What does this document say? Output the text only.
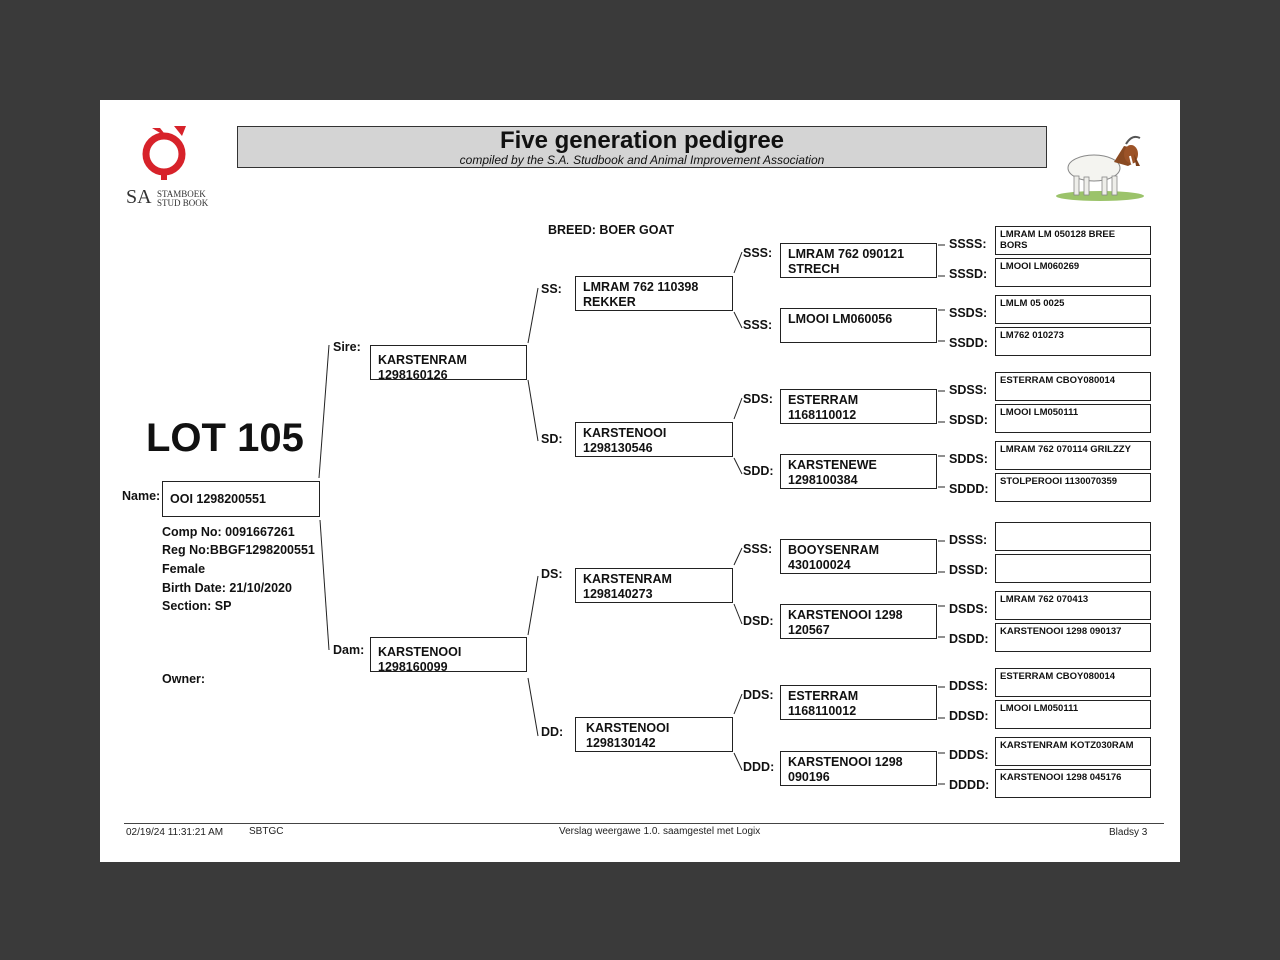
SA STAMBOEK
STUD BOOK
Five generation pedigree
compiled by the S.A. Studbook and Animal Improvement Association
BREED: BOER GOAT
LOT 105
Name: OOI 1298200551
Comp No: 0091667261
Reg No:BBGF1298200551
Female
Birth Date: 21/10/2020
Section: SP
Owner:
Sire:
KARSTENRAM
1298160126
Dam: KARSTENOOI
1298160099
SS: LMRAM 762 110398
REKKER
SD: KARSTENOOI
1298130546
DS: KARSTENRAM
1298140273
DD: KARSTENOOI
1298130142
SSS: LMRAM 762 090121
STRECH
SSS: LMOOI LM060056
SDS: ESTERRAM
1168110012
SDD: KARSTENEWE
1298100384
SSS: BOOYSENRAM
430100024
DSD: KARSTENOOI 1298
120567
DDS: ESTERRAM
1168110012
DDD: KARSTENOOI 1298
090196
SSSS:
LMRAM LM 050128 BREE
BORS
SSSD:
LMOOI LM060269
SSDS:
LMLM 05 0025
SSDD:
LM762 010273
SDSS:
ESTERRAM CBOY080014
SDSD:
LMOOI LM050111
SDDS:
LMRAM 762 070114 GRILZZY
SDDD:
STOLPEROOI 1130070359
DSSS:
DSSD:
DSDS:
LMRAM 762 070413
DSDD:
KARSTENOOI 1298 090137
DDSS:
ESTERRAM CBOY080014
DDSD:
LMOOI LM050111
DDDS:
KARSTENRAM KOTZ030RAM
DDDD:
KARSTENOOI 1298 045176
02/19/24 11:31:21 AM	SBTGC	Verslag weergawe 1.0. saamgestel met Logix	Bladsy 3
